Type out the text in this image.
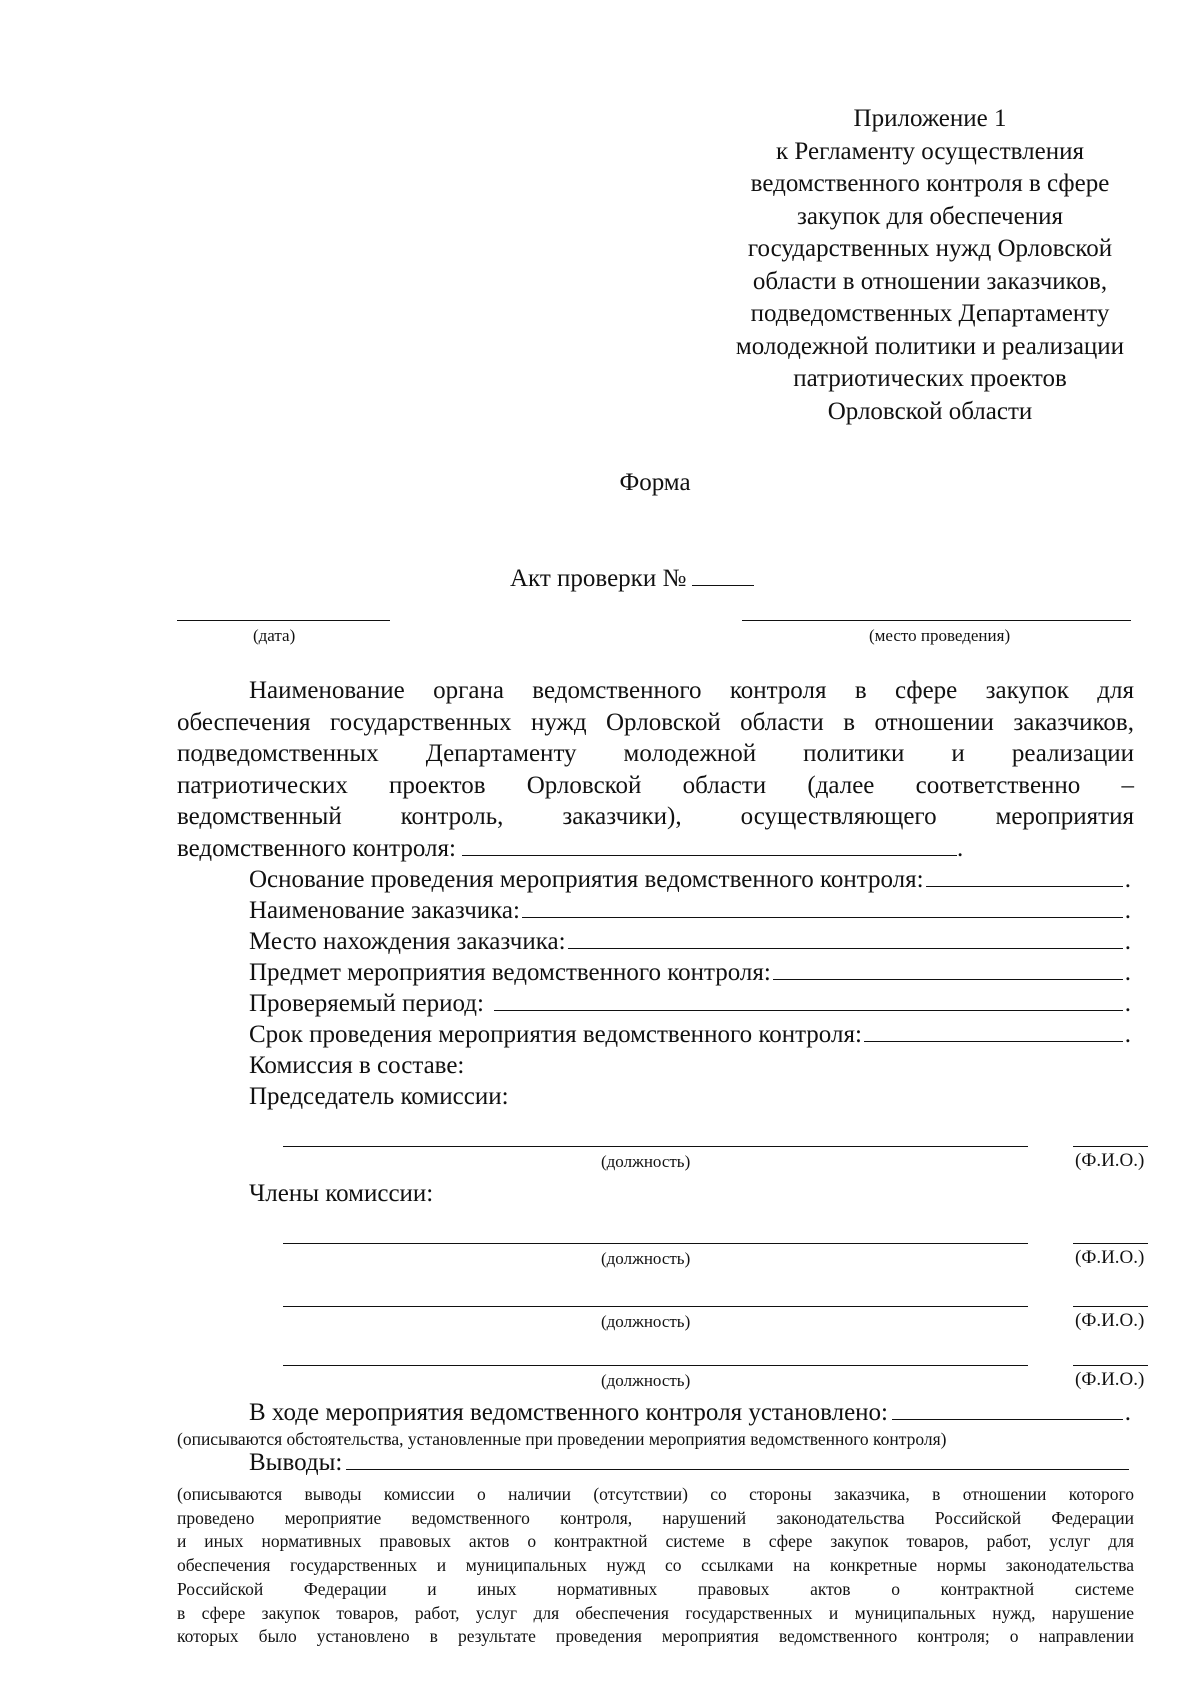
Приложение 1
к Регламенту осуществления
ведомственного контроля в сфере
закупок для обеспечения
государственных нужд Орловской
области в отношении заказчиков,
подведомственных Департаменту
молодежной политики и реализации
патриотических проектов
Орловской области
Форма
Акт проверки №
(дата)	(место проведения)
Наименование органа ведомственного контроля в сфере закупок для
обеспечения государственных нужд Орловской области в отношении заказчиков,
подведомственных Департаменту молодежной политики и реализации
патриотических проектов Орловской области (далее соответственно –
ведомственный контроль, заказчики), осуществляющего мероприятия
ведомственного контроля:	.
Основание проведения мероприятия ведомственного контроля:	.
Наименование заказчика:	.
Место нахождения заказчика:	.
Предмет мероприятия ведомственного контроля:	.
Проверяемый период:	.
Срок проведения мероприятия ведомственного контроля:	.
Комиссия в составе:
Председатель комиссии:
(должность)	(Ф.И.О.)
Члены комиссии:
(должность)	(Ф.И.О.)
(должность)	(Ф.И.О.)
(должность)	(Ф.И.О.)
В ходе мероприятия ведомственного контроля установлено:	.
(описываются обстоятельства, установленные при проведении мероприятия ведомственного контроля)
Выводы:
(описываются выводы комиссии о наличии (отсутствии) со стороны заказчика, в отношении которого
проведено мероприятие ведомственного контроля, нарушений законодательства Российской Федерации
и иных нормативных правовых актов о контрактной системе в сфере закупок товаров, работ, услуг для
обеспечения государственных и муниципальных нужд со ссылками на конкретные нормы законодательства
Российской Федерации и иных нормативных правовых актов о контрактной системе
в сфере закупок товаров, работ, услуг для обеспечения государственных и муниципальных нужд, нарушение
которых было установлено в результате проведения мероприятия ведомственного контроля; о направлении
